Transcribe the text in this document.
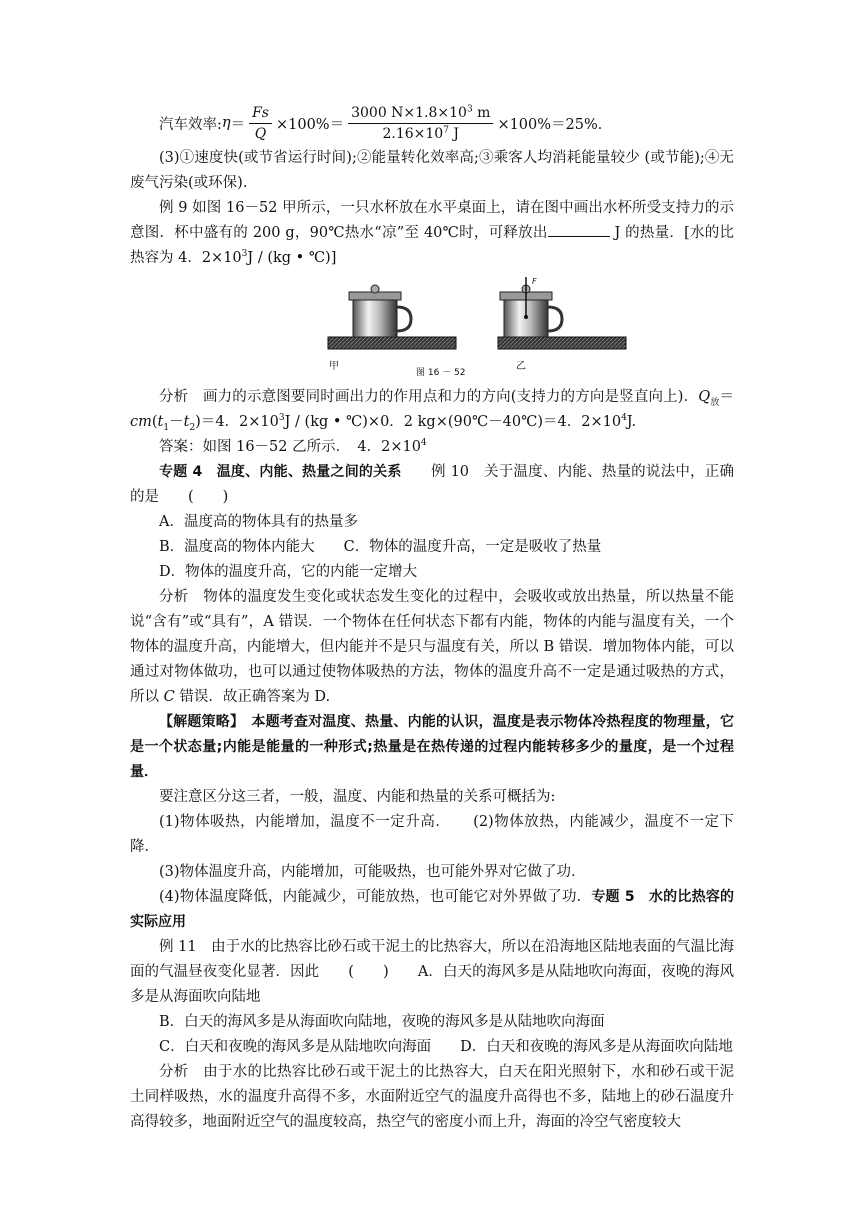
汽车效率: $\eta = \frac{Fs}{Q} \times 100\%= \frac{3000 N\times 1.8\times 10^3 m}{2.16\times 10^7 J} \times 100\%=25\%$．

(3)①速度快(或节省运行时间);②能量转化效率高;③乘客人均消耗能量较少 (或节能);④无废气污染(或环保).

例 9 如图 16－52 甲所示，一只水杯放在水平桌面上，请在图中画出水杯所受支持力的示意图．杯中盛有的 200 g，90℃热水“凉”至 40℃时，可释放出	J 的热量．[水的比热容为 4．$2\times 10^3J / (kg$ • ℃)]

甲	乙
图 16 － 52
F

分析　画力的示意图要同时画出力的作用点和力的方向(支持力的方向是竖直向上)．$Q_放=cm(t_1-t_2)=4$．$2\times 10^3J / (kg$ • ℃)×0．2 kg×(90℃－40℃)＝4．$2\times 10^4J$.

答案：如图 16－52 乙所示．　4．$2\times 10^4$

专题 4　温度、内能、热量之间的关系　　例 10　关于温度、内能、热量的说法中，正确的是　　(　　)

A．温度高的物体具有的热量多

B．温度高的物体内能大　　C．物体的温度升高，一定是吸收了热量

D．物体的温度升高，它的内能一定增大

分析　物体的温度发生变化或状态发生变化的过程中，会吸收或放出热量，所以热量不能说“含有”或“具有”，A 错误．一个物体在任何状态下都有内能，物体的内能与温度有关，一个物体的温度升高，内能增大，但内能并不是只与温度有关，所以 B 错误．增加物体内能，可以通过对物体做功，也可以通过使物体吸热的方法，物体的温度升高不一定是通过吸热的方式，所以 C 错误．故正确答案为 D.

【解题策略】　本题考查对温度、热量、内能的认识，温度是表示物体冷热程度的物理量，它是一个状态量;内能是能量的一种形式;热量是在热传递的过程内能转移多少的量度，是一个过程量．

要注意区分这三者，一般，温度、内能和热量的关系可概括为:

(1)物体吸热，内能增加，温度不一定升高．　　(2)物体放热，内能减少，温度不一定下降．

(3)物体温度升高，内能增加，可能吸热，也可能外界对它做了功．

(4)物体温度降低，内能减少，可能放热，也可能它对外界做了功．专题 5　水的比热容的实际应用

例 11　由于水的比热容比砂石或干泥土的比热容大，所以在沿海地区陆地表面的气温比海面的气温昼夜变化显著．因此　　(　　)　　A．白天的海风多是从陆地吹向海面，夜晚的海风多是从海面吹向陆地

B．白天的海风多是从海面吹向陆地，夜晚的海风多是从陆地吹向海面

C．白天和夜晚的海风多是从陆地吹向海面　　D．白天和夜晚的海风多是从海面吹向陆地

分析　由于水的比热容比砂石或干泥土的比热容大，白天在阳光照射下，水和砂石或干泥土同样吸热，水的温度升高得不多，水面附近空气的温度升高得也不多，陆地上的砂石温度升高得较多，地面附近空气的温度较高，热空气的密度小而上升，海面的冷空气密度较大
